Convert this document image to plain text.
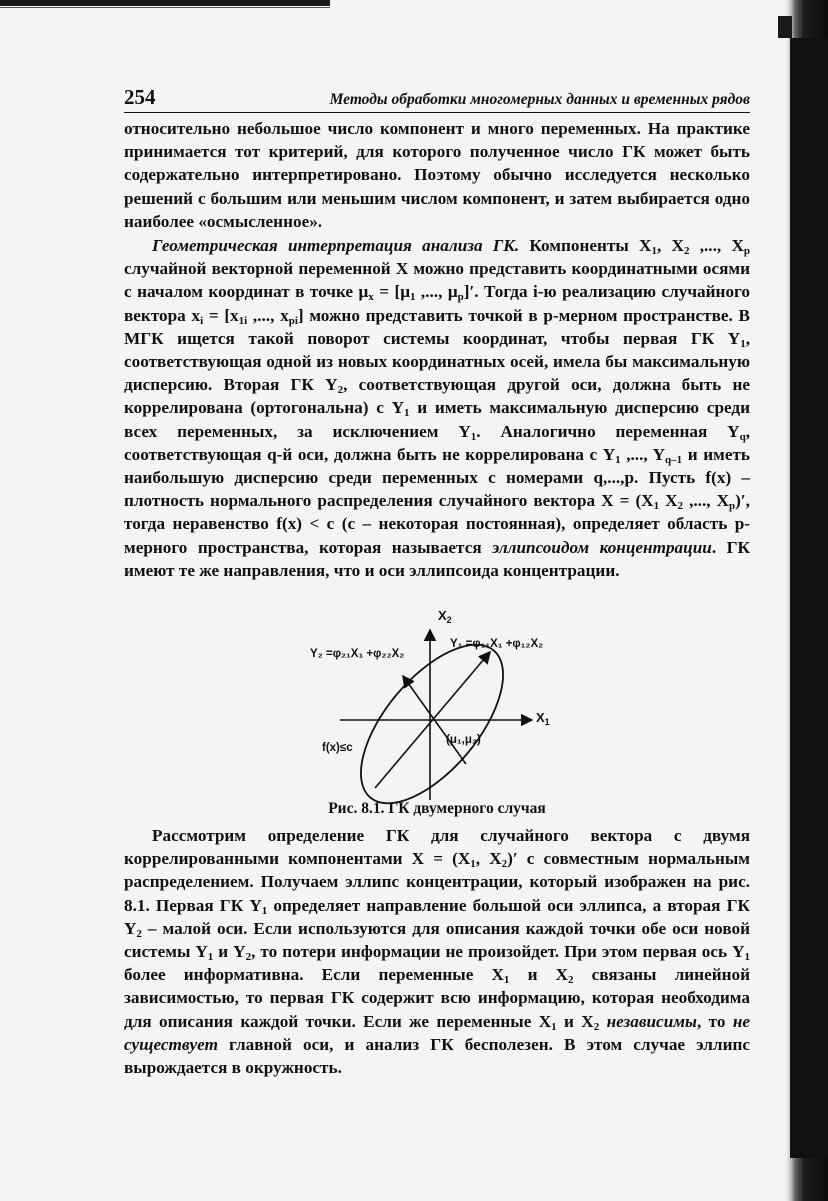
254	Методы обработки многомерных данных и временных рядов

относительно небольшое число компонент и много переменных. На практике принимается тот критерий, для которого полученное число ГК может быть содержательно интерпретировано. Поэтому обычно исследуется несколько решений с большим или меньшим числом компонент, и затем выбирается одно наиболее «осмысленное».

Геометрическая интерпретация анализа ГК. Компоненты $X_1$, $X_2$ ,..., $X_p$ случайной векторной переменной X можно представить координатными осями с началом координат в точке $\mu_x = [\mu_1$ ,..., $\mu_p]'$. Тогда i-ю реализацию случайного вектора $x_i = [x_{1i}$ ,..., $x_{pi}$] можно представить точкой в p-мерном пространстве. В МГК ищется такой поворот системы координат, чтобы первая ГК $Y_1$, соответствующая одной из новых координатных осей, имела бы максимальную дисперсию. Вторая ГК $Y_2$, соответствующая другой оси, должна быть не коррелирована (ортогональна) с $Y_1$ и иметь максимальную дисперсию среди всех переменных, за исключением $Y_1$. Аналогично переменная $Y_q$, соответствующая q-й оси, должна быть не коррелирована с $Y_1$ ,..., $Y_{q-1}$ и иметь наибольшую дисперсию среди переменных с номерами q,...,p. Пусть f(x) – плотность нормального распределения случайного вектора $X = (X_1$ $X_2$ ,..., $X_p)'$, тогда неравенство f(x) < c (c – некоторая постоянная), определяет область p-мерного пространства, которая называется эллипсоидом концентрации. ГК имеют те же направления, что и оси эллипсоида концентрации.

$X_2$
$X_1$
Y₂ =φ₂₁X₁ +φ₂₂X₂
Y₁ =φ₁₁X₁ +φ₁₂X₂
f(x)≤c
(μ₁,μ₂)
Рис. 8.1. ГК двумерного случая

Рассмотрим определение ГК для случайного вектора с двумя коррелированными компонентами $X = (X_1$, $X_2)'$ с совместным нормальным распределением. Получаем эллипс концентрации, который изображен на рис. 8.1. Первая ГК $Y_1$ определяет направление большой оси эллипса, а вторая ГК $Y_2$ – малой оси. Если используются для описания каждой точки обе оси новой системы $Y_1$ и $Y_2$, то потери информации не произойдет. При этом первая ось $Y_1$ более информативна. Если переменные $X_1$ и $X_2$ связаны линейной зависимостью, то первая ГК содержит всю информацию, которая необходима для описания каждой точки. Если же переменные $X_1$ и $X_2$ независимы, то не существует главной оси, и анализ ГК бесполезен. В этом случае эллипс вырождается в окружность.
